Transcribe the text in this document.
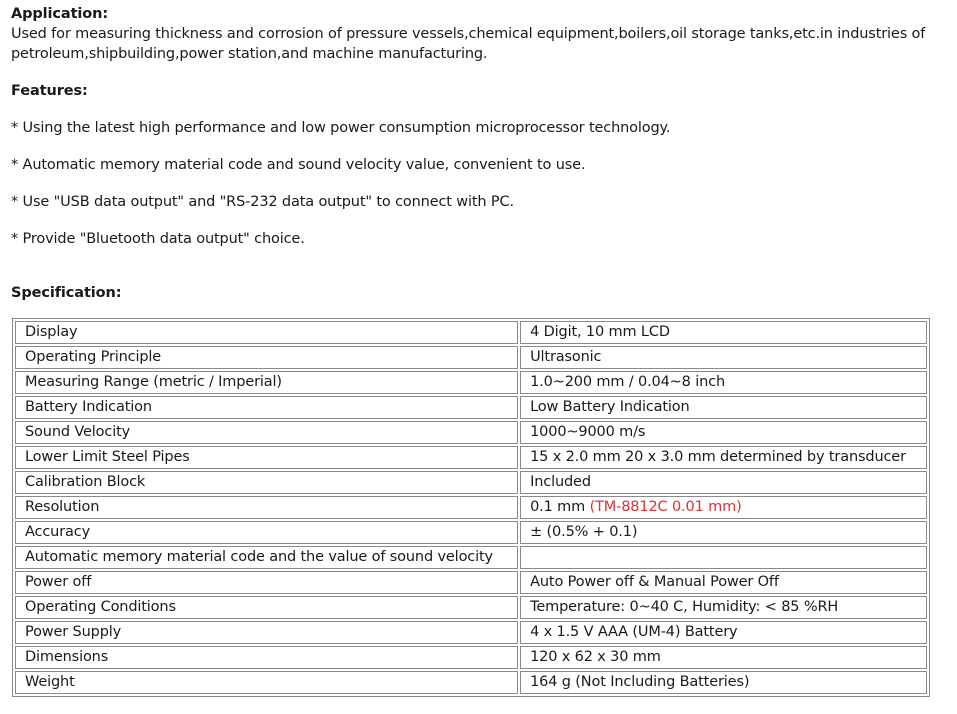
Application:

Used for measuring thickness and corrosion of pressure vessels,chemical equipment,boilers,oil storage tanks,etc.in industries of petroleum,shipbuilding,power station,and machine manufacturing.

Features:

* Using the latest high performance and low power consumption microprocessor technology.

* Automatic memory material code and sound velocity value, convenient to use.

* Use "USB data output" and "RS-232 data output" to connect with PC.

* Provide "Bluetooth data output" choice.

Specification:

Display	4 Digit, 10 mm LCD
Operating Principle	Ultrasonic
Measuring Range (metric / Imperial)	1.0~200 mm / 0.04~8 inch
Battery Indication	Low Battery Indication
Sound Velocity	1000~9000 m/s
Lower Limit Steel Pipes	15 x 2.0 mm 20 x 3.0 mm determined by transducer
Calibration Block	Included
Resolution	0.1 mm (TM-8812C 0.01 mm)
Accuracy	± (0.5% + 0.1)
Automatic memory material code and the value of sound velocity	
Power off	Auto Power off & Manual Power Off
Operating Conditions	Temperature: 0~40 C, Humidity: < 85 %RH
Power Supply	4 x 1.5 V AAA (UM-4) Battery
Dimensions	120 x 62 x 30 mm
Weight	164 g (Not Including Batteries)
